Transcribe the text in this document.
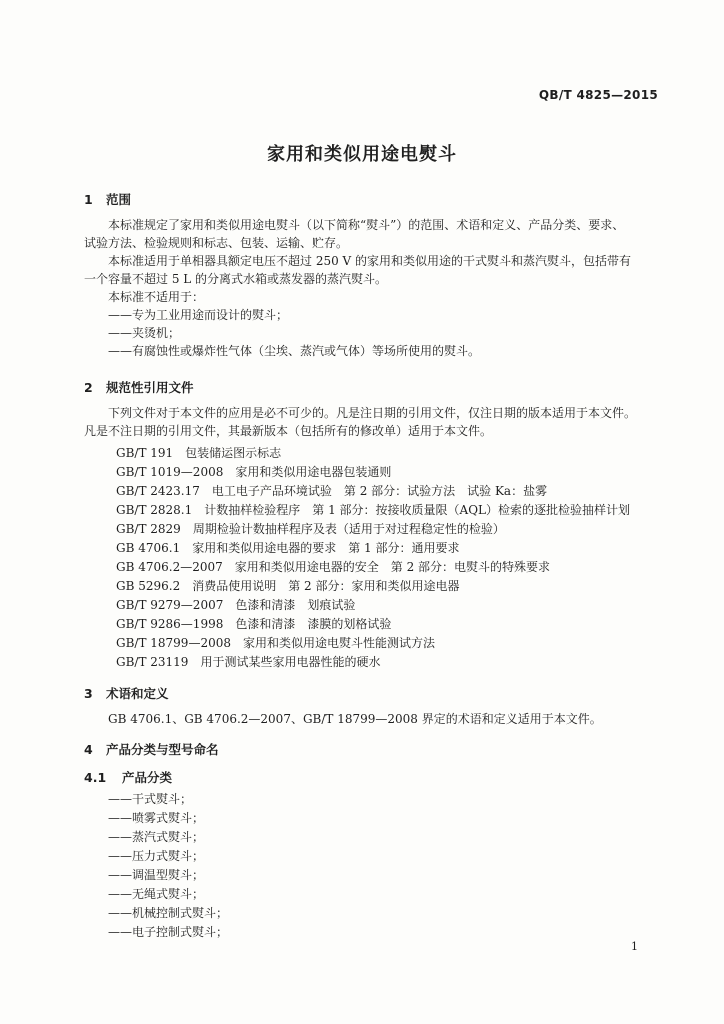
QB/T 4825—2015
家用和类似用途电熨斗
1 范围
本标准规定了家用和类似用途电熨斗（以下简称“熨斗”）的范围、术语和定义、产品分类、要求、
试验方法、检验规则和标志、包装、运输、贮存。
本标准适用于单相器具额定电压不超过 250 V 的家用和类似用途的干式熨斗和蒸汽熨斗，包括带有
一个容量不超过 5 L 的分离式水箱或蒸发器的蒸汽熨斗。
本标准不适用于：
——专为工业用途而设计的熨斗；
——夹烫机；
——有腐蚀性或爆炸性气体（尘埃、蒸汽或气体）等场所使用的熨斗。
2 规范性引用文件
下列文件对于本文件的应用是必不可少的。凡是注日期的引用文件，仅注日期的版本适用于本文件。
凡是不注日期的引用文件，其最新版本（包括所有的修改单）适用于本文件。
GB/T 191 包装储运图示标志
GB/T 1019—2008 家用和类似用途电器包装通则
GB/T 2423.17 电工电子产品环境试验　第 2 部分：试验方法　试验 Ka：盐雾
GB/T 2828.1 计数抽样检验程序　第 1 部分：按接收质量限（AQL）检索的逐批检验抽样计划
GB/T 2829 周期检验计数抽样程序及表（适用于对过程稳定性的检验）
GB 4706.1 家用和类似用途电器的要求　第 1 部分：通用要求
GB 4706.2—2007 家用和类似用途电器的安全　第 2 部分：电熨斗的特殊要求
GB 5296.2 消费品使用说明　第 2 部分：家用和类似用途电器
GB/T 9279—2007 色漆和清漆　划痕试验
GB/T 9286—1998 色漆和清漆　漆膜的划格试验
GB/T 18799—2008 家用和类似用途电熨斗性能测试方法
GB/T 23119 用于测试某些家用电器性能的硬水
3 术语和定义
GB 4706.1、GB 4706.2—2007、GB/T 18799—2008 界定的术语和定义适用于本文件。
4 产品分类与型号命名
4.1 产品分类
——干式熨斗；
——喷雾式熨斗；
——蒸汽式熨斗；
——压力式熨斗；
——调温型熨斗；
——无绳式熨斗；
——机械控制式熨斗；
——电子控制式熨斗；
1
